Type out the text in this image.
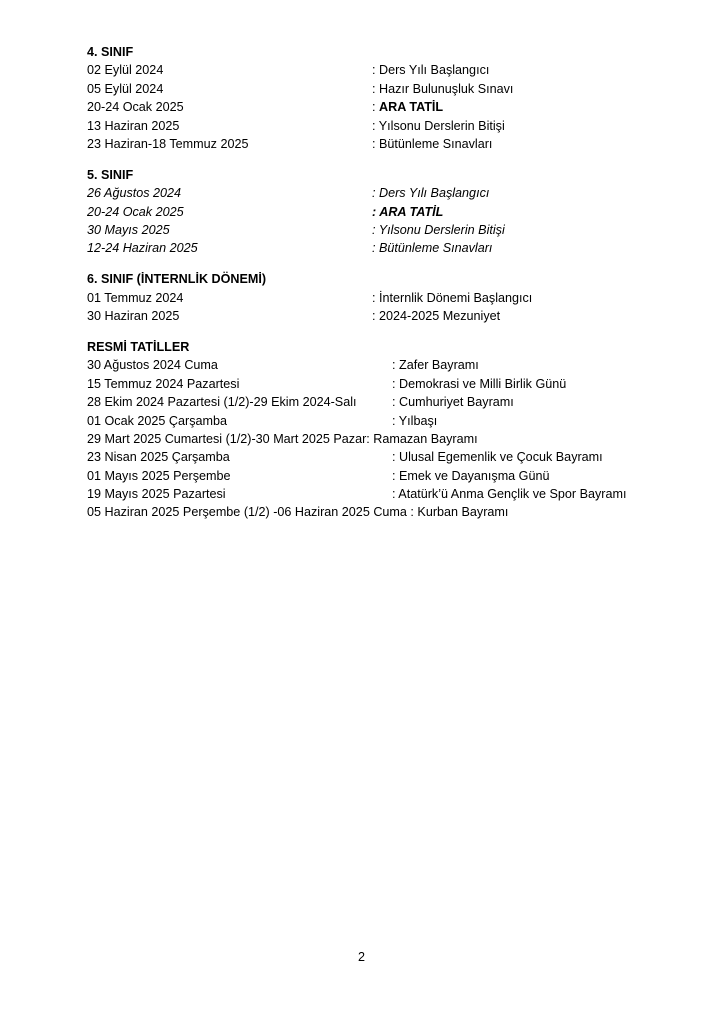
4. SINIF
02 Eylül 2024	: Ders Yılı Başlangıcı
05 Eylül 2024	: Hazır Bulunuşluk Sınavı
20-24 Ocak 2025	: ARA TATİL
13 Haziran 2025	: Yılsonu Derslerin Bitişi
23 Haziran-18 Temmuz 2025	: Bütünleme Sınavları
5. SINIF
26 Ağustos 2024	: Ders Yılı Başlangıcı
20-24 Ocak 2025	: ARA TATİL
30 Mayıs 2025	: Yılsonu Derslerin Bitişi
12-24 Haziran 2025	: Bütünleme Sınavları
6. SINIF (İNTERNLİK DÖNEMİ)
01 Temmuz 2024	: İnternlik Dönemi Başlangıcı
30 Haziran 2025	: 2024-2025 Mezuniyet
RESMİ TATİLLER
30 Ağustos 2024 Cuma	: Zafer Bayramı
15 Temmuz 2024 Pazartesi	: Demokrasi ve Milli Birlik Günü
28 Ekim 2024 Pazartesi (1/2)-29 Ekim 2024-Salı	: Cumhuriyet Bayramı
01 Ocak 2025 Çarşamba	: Yılbaşı
29 Mart 2025 Cumartesi (1/2)-30 Mart 2025 Pazar: Ramazan Bayramı
23 Nisan 2025 Çarşamba	: Ulusal Egemenlik ve Çocuk Bayramı
01 Mayıs 2025 Perşembe	: Emek ve Dayanışma Günü
19 Mayıs 2025 Pazartesi	: Atatürk’ü Anma Gençlik ve Spor Bayramı
05 Haziran 2025 Perşembe (1/2) -06 Haziran 2025 Cuma : Kurban Bayramı
2
